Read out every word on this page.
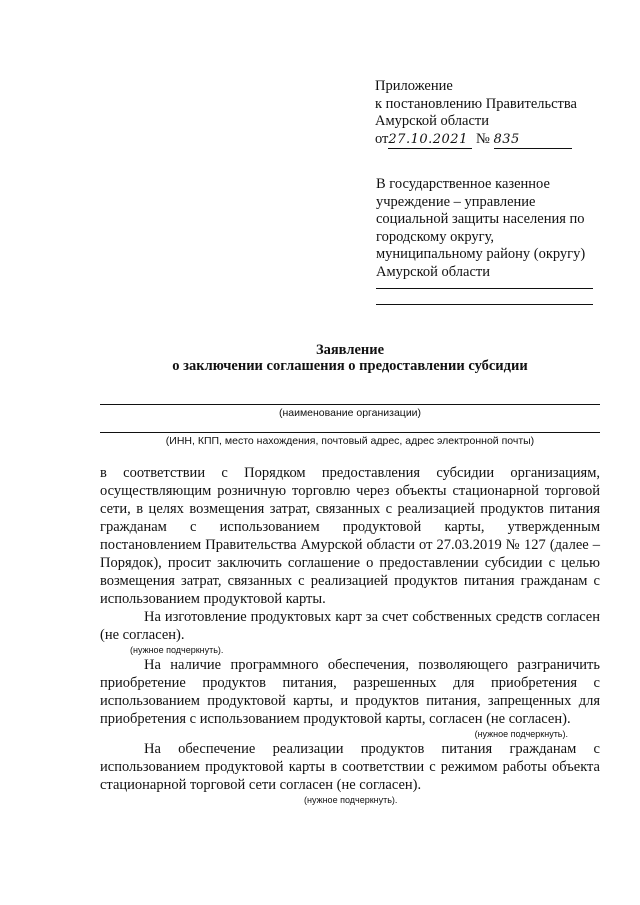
Приложение
к постановлению Правительства
Амурской области
от27.10.2021 № 835
В государственное казенное
учреждение – управление
социальной защиты населения по
городскому округу,
муниципальному району (округу)
Амурской области
Заявление
о заключении соглашения о предоставлении субсидии
(наименование организации)
(ИНН, КПП, место нахождения, почтовый адрес, адрес электронной почты)

в соответствии с Порядком предоставления субсидии организациям, осуществляющим розничную торговлю через объекты стационарной торговой сети, в целях возмещения затрат, связанных с реализацией продуктов питания гражданам с использованием продуктовой карты, утвержденным постановлением Правительства Амурской области от 27.03.2019 № 127 (далее – Порядок), просит заключить соглашение о предоставлении субсидии с целью возмещения затрат, связанных с реализацией продуктов питания гражданам с использованием продуктовой карты.

На изготовление продуктовых карт за счет собственных средств согласен (не согласен).

(нужное подчеркнуть).

На наличие программного обеспечения, позволяющего разграничить приобретение продуктов питания, разрешенных для приобретения с использованием продуктовой карты, и продуктов питания, запрещенных для приобретения с использованием продуктовой карты, согласен (не согласен).

(нужное подчеркнуть).

На обеспечение реализации продуктов питания гражданам с использованием продуктовой карты в соответствии с режимом работы объекта стационарной торговой сети согласен (не согласен).

(нужное подчеркнуть).
